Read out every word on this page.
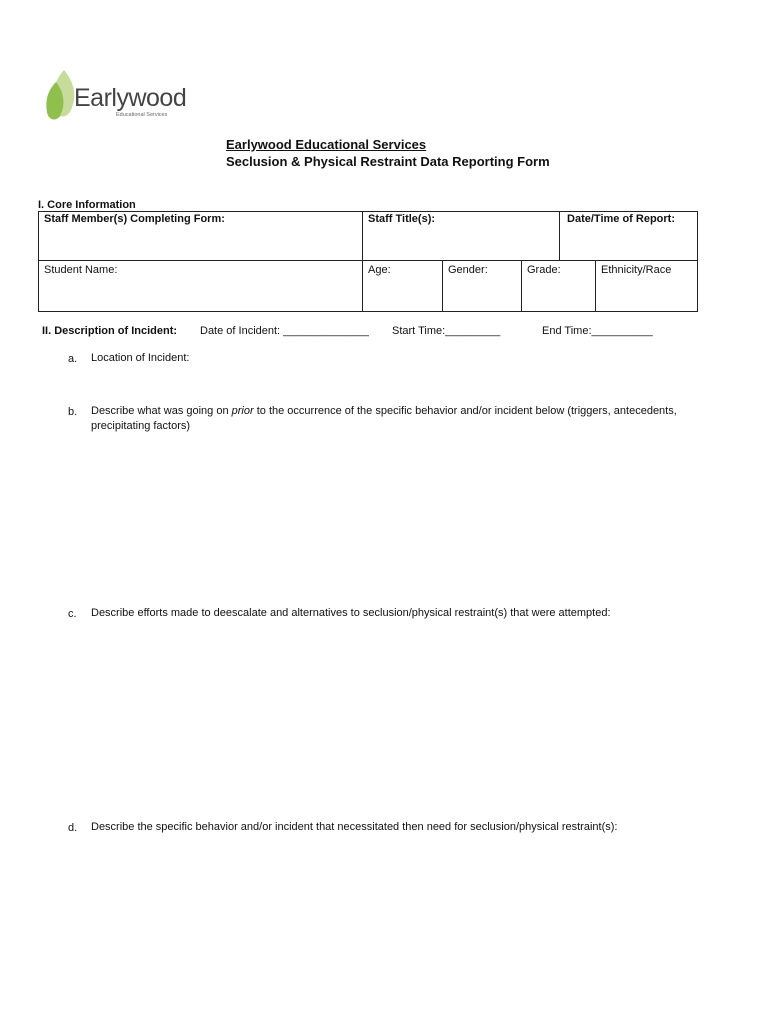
Earlywood
Educational Services
Earlywood Educational Services
Seclusion & Physical Restraint Data Reporting Form
I. Core Information
Staff Member(s) Completing Form:	Staff Title(s):			Date/Time of Report:	
Student Name:	Age:	Gender:	Grade:		Ethnicity/Race
II. Description of Incident: Date of Incident: ______________ Start Time:_________	End Time:__________
a. Location of Incident:
b. Describe what was going on prior to the occurrence of the specific behavior and/or incident below (triggers, antecedents, precipitating factors)
c. Describe efforts made to deescalate and alternatives to seclusion/physical restraint(s) that were attempted:
d. Describe the specific behavior and/or incident that necessitated then need for seclusion/physical restraint(s):
